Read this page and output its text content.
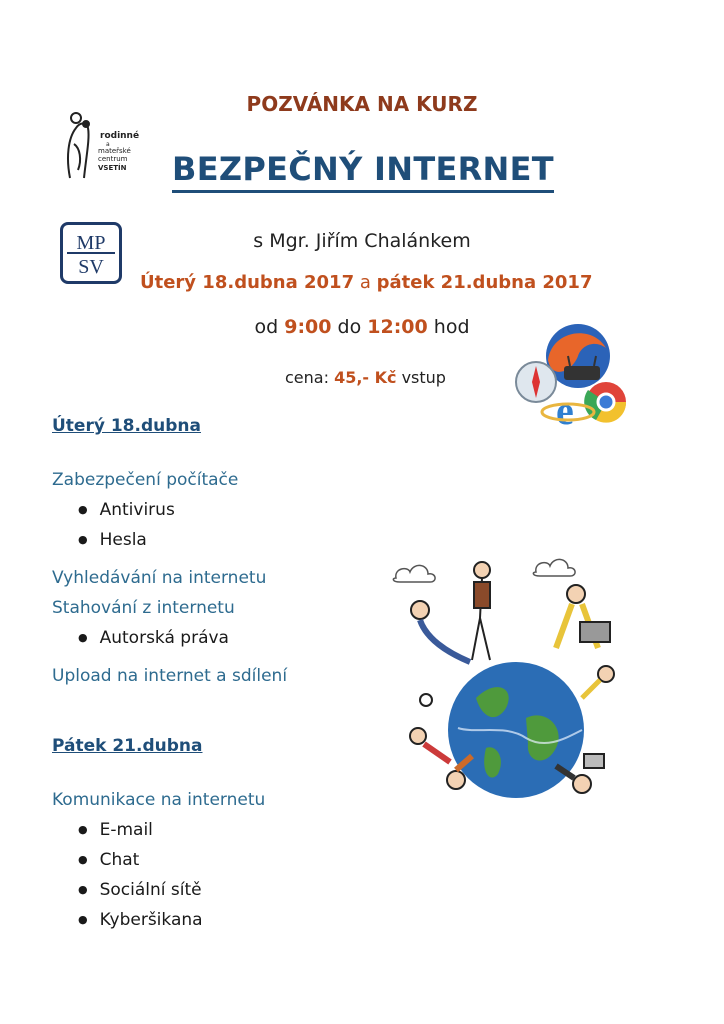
POZVÁNKA NA KURZ
BEZPEČNÝ INTERNET
s Mgr. Jiřím Chalánkem
Úterý 18.dubna 2017 a pátek 21.dubna 2017
od 9:00 do 12:00 hod
cena: 45,- Kč vstup
rodinné
a
mateřské
centrum
VSETÍN
MP
SV
e
Úterý 18.dubna
Zabezpečení počítače
● Antivirus
● Hesla
Vyhledávání na internetu
Stahování z internetu
● Autorská práva
Upload na internet a sdílení
Pátek 21.dubna
Komunikace na internetu
● E-mail
● Chat
● Sociální sítě
● Kyberšikana
